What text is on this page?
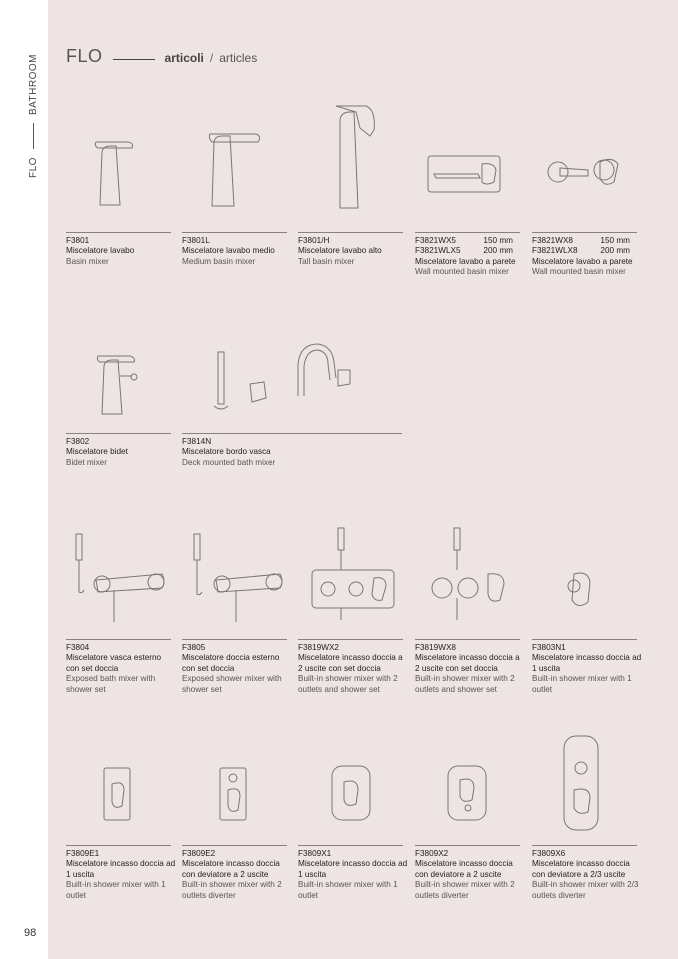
FLO
BATHROOM
98
FLO	articoli / articles
F3801
Miscelatore lavabo
Basin mixer
F3801L
Miscelatore lavabo medio
Medium basin mixer
F3801/H
Miscelatore lavabo alto
Tall basin mixer
F3821WX5	150 mm
F3821WLX5	200 mm
Miscelatore lavabo a parete
Wall mounted basin mixer
F3821WX8	150 mm
F3821WLX8	200 mm
Miscelatore lavabo a parete
Wall mounted basin mixer
F3802
Miscelatore bidet
Bidet mixer
F3814N
Miscelatore bordo vasca
Deck mounted bath mixer
F3804
Miscelatore vasca esterno con set doccia
Exposed bath mixer with shower set
F3805
Miscelatore doccia esterno con set doccia
Exposed shower mixer with shower set
F3819WX2
Miscelatore incasso doccia a 2 uscite con set doccia
Built-in shower mixer with 2 outlets and shower set
F3819WX8
Miscelatore incasso doccia a 2 uscite con set doccia
Built-in shower mixer with 2 outlets and shower set
F3803N1
Miscelatore incasso doccia ad 1 uscita
Built-in shower mixer with 1 outlet
F3809E1
Miscelatore incasso doccia ad 1 uscita
Built-in shower mixer with 1 outlet
F3809E2
Miscelatore incasso doccia con deviatore a 2 uscite
Built-in shower mixer with 2 outlets diverter
F3809X1
Miscelatore incasso doccia ad 1 uscita
Built-in shower mixer with 1 outlet
F3809X2
Miscelatore incasso doccia con deviatore a 2 uscite
Built-in shower mixer with 2 outlets diverter
F3809X6
Miscelatore incasso doccia con deviatore a 2/3 uscite
Built-in shower mixer with 2/3 outlets diverter
